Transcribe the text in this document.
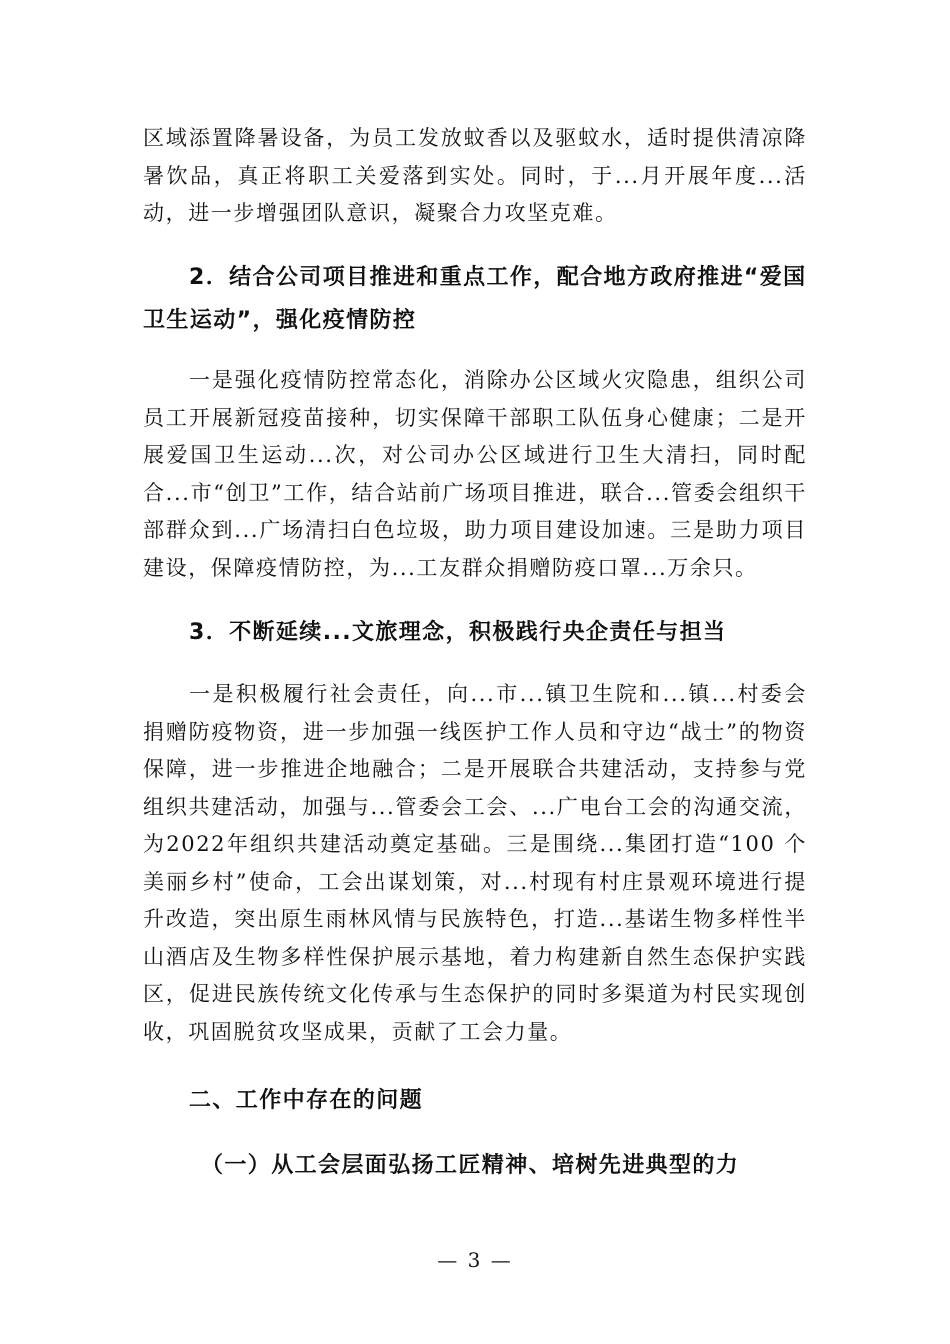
区域添置降暑设备，为员工发放蚊香以及驱蚊水，适时提供清凉降暑饮品，真正将职工关爱落到实处。同时，于...月开展年度...活动，进一步增强团队意识，凝聚合力攻坚克难。

2．结合公司项目推进和重点工作，配合地方政府推进“爱国卫生运动”，强化疫情防控

一是强化疫情防控常态化，消除办公区域火灾隐患，组织公司员工开展新冠疫苗接种，切实保障干部职工队伍身心健康；二是开展爱国卫生运动...次，对公司办公区域进行卫生大清扫，同时配合...市“创卫”工作，结合站前广场项目推进，联合...管委会组织干部群众到...广场清扫白色垃圾，助力项目建设加速。三是助力项目建设，保障疫情防控，为...工友群众捐赠防疫口罩...万余只。

3．不断延续...文旅理念，积极践行央企责任与担当

一是积极履行社会责任，向...市...镇卫生院和...镇...村委会捐赠防疫物资，进一步加强一线医护工作人员和守边“战士”的物资保障，进一步推进企地融合；二是开展联合共建活动，支持参与党组织共建活动，加强与...管委会工会、...广电台工会的沟通交流，为2022年组织共建活动奠定基础。三是围绕...集团打造“100 个美丽乡村”使命，工会出谋划策，对...村现有村庄景观环境进行提升改造，突出原生雨林风情与民族特色，打造...基诺生物多样性半山酒店及生物多样性保护展示基地，着力构建新自然生态保护实践区，促进民族传统文化传承与生态保护的同时多渠道为村民实现创收，巩固脱贫攻坚成果，贡献了工会力量。

二、工作中存在的问题
（一）从工会层面弘扬工匠精神、培树先进典型的力
— 3 —
